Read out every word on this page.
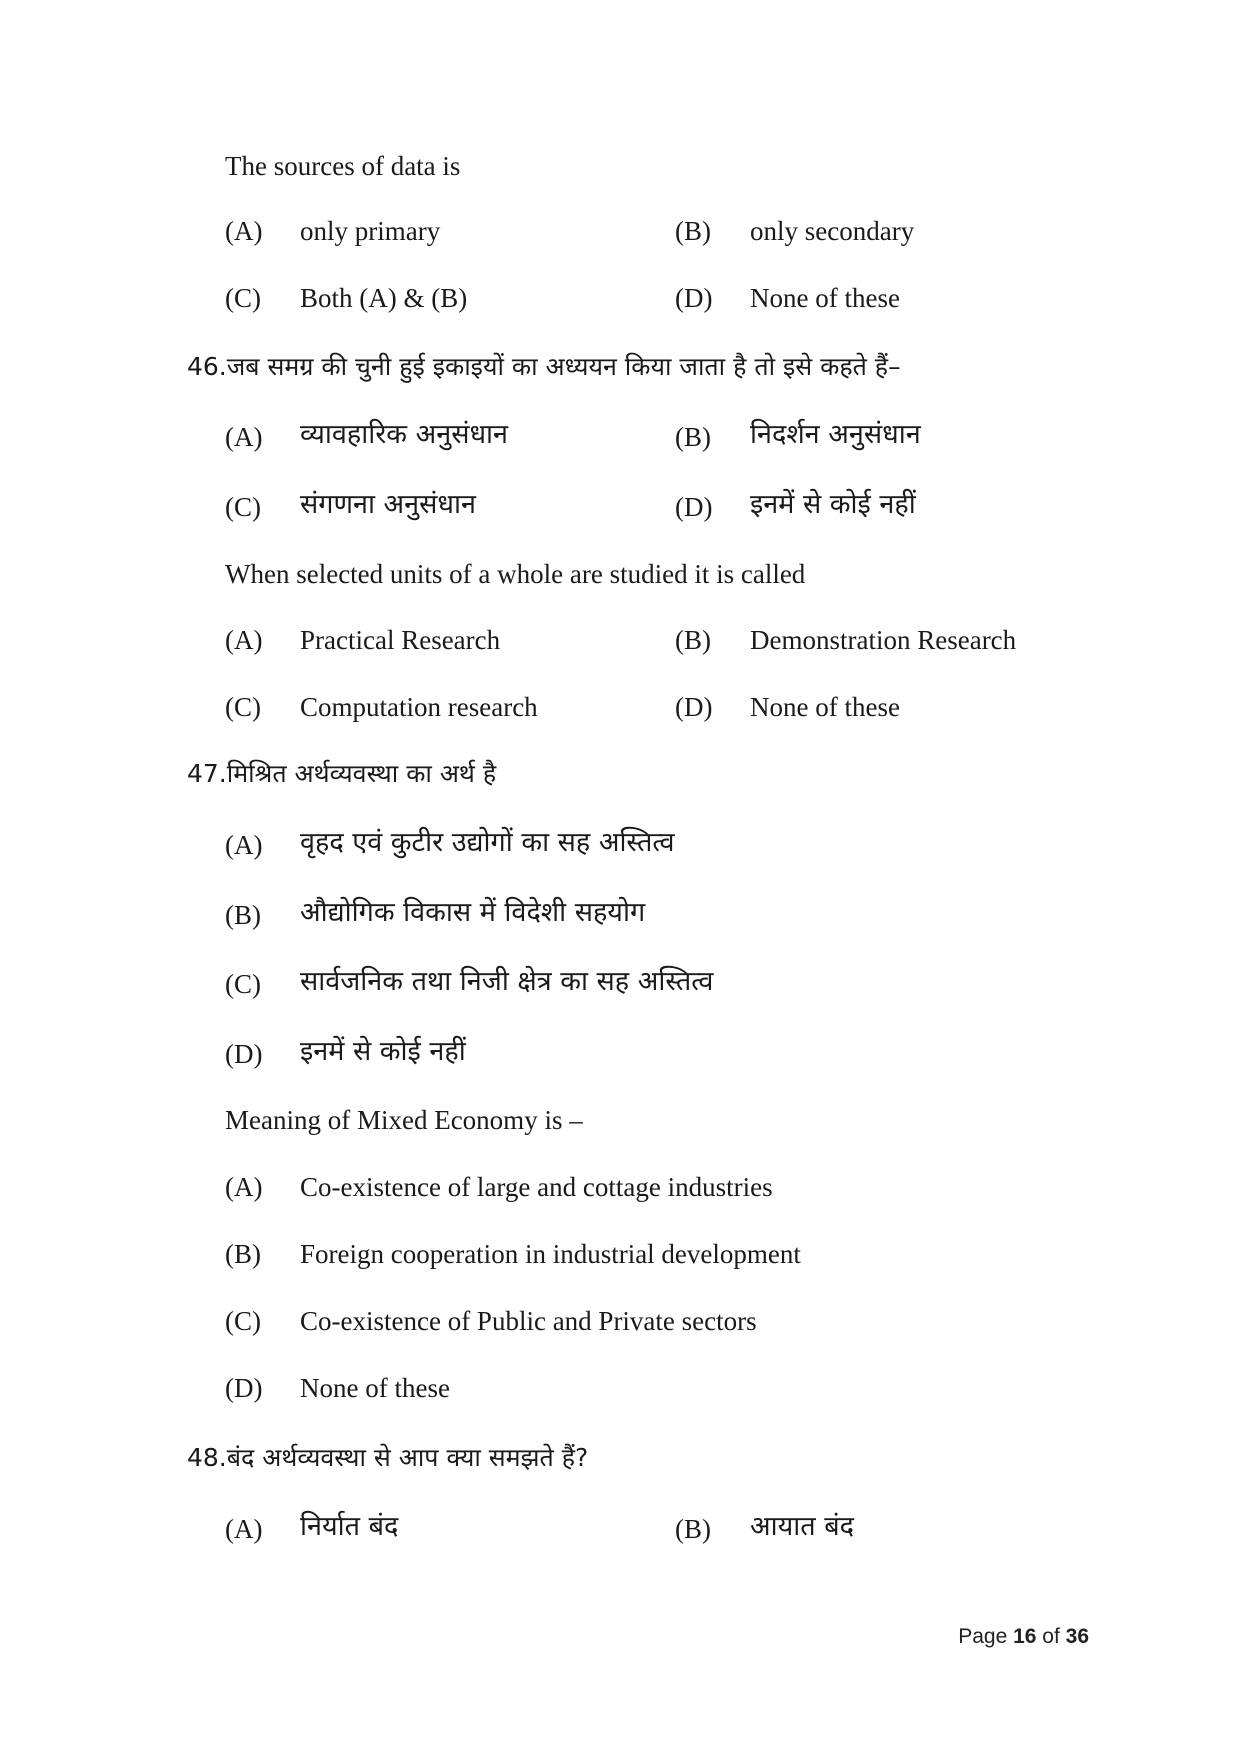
The sources of data is
(A) only primary	(B) only secondary
(C) Both (A) & (B)	(D) None of these
46.जब समग्र की चुनी हुई इकाइयों का अध्ययन किया जाता है तो इसे कहते हैं–
(A) व्यावहारिक अनुसंधान	(B) निदर्शन अनुसंधान
(C) संगणना अनुसंधान	(D) इनमें से कोई नहीं
When selected units of a whole are studied it is called
(A) Practical Research	(B) Demonstration Research
(C) Computation research	(D) None of these
47.मिश्रित अर्थव्यवस्था का अर्थ है
(A) वृहद एवं कुटीर उद्योगों का सह अस्तित्व
(B) औद्योगिक विकास में विदेशी सहयोग
(C) सार्वजनिक तथा निजी क्षेत्र का सह अस्तित्व
(D) इनमें से कोई नहीं
Meaning of Mixed Economy is –
(A) Co-existence of large and cottage industries
(B) Foreign cooperation in industrial development
(C) Co-existence of Public and Private sectors
(D) None of these
48.बंद अर्थव्यवस्था से आप क्या समझते हैं?
(A) निर्यात बंद	(B) आयात बंद
Page 16 of 36
